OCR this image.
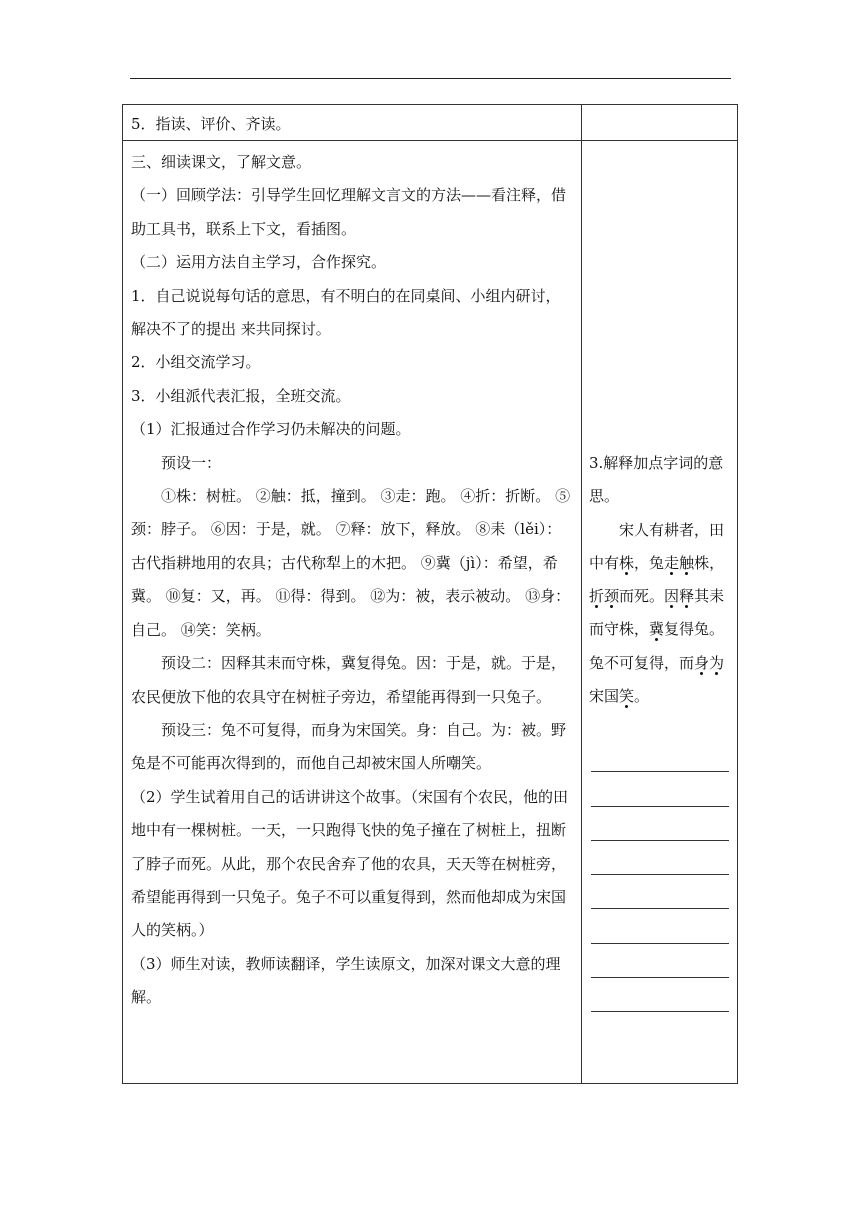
5．指读、评价、齐读。

三、细读课文，了解文意。

（一）回顾学法：引导学生回忆理解文言文的方法——看注释，借助工具书，联系上下文，看插图。

（二）运用方法自主学习，合作探究。

1．自己说说每句话的意思，有不明白的在同桌间、小组内研讨，解决不了的提出 来共同探讨。

2．小组交流学习。

3．小组派代表汇报，全班交流。

（1）汇报通过合作学习仍未解决的问题。

预设一：

①株：树桩。 ②触：抵，撞到。 ③走：跑。 ④折：折断。 ⑤颈：脖子。 ⑥因：于是，就。 ⑦释：放下，释放。 ⑧耒（lěi）：古代指耕地用的农具；古代称犁上的木把。 ⑨冀（jì）：希望，希冀。 ⑩复：又，再。 ⑪得：得到。 ⑫为：被，表示被动。 ⑬身：自己。 ⑭笑：笑柄。

预设二：因释其耒而守株，冀复得兔。因：于是，就。于是，农民便放下他的农具守在树桩子旁边，希望能再得到一只兔子。

预设三：兔不可复得，而身为宋国笑。身：自己。为：被。野兔是不可能再次得到的，而他自己却被宋国人所嘲笑。

（2）学生试着用自己的话讲讲这个故事。（宋国有个农民，他的田地中有一棵树桩。一天，一只跑得飞快的兔子撞在了树桩上，扭断了脖子而死。从此，那个农民舍弃了他的农具，天天等在树桩旁，希望能再得到一只兔子。兔子不可以重复得到，然而他却成为宋国人的笑柄。）

（3）师生对读，教师读翻译，学生读原文，加深对课文大意的理解。

3.解释加点字词的意思。

宋人有耕者，田中有株，兔走触株，折颈而死。因释其耒而守株，冀复得兔。兔不可复得，而身为宋国笑。
